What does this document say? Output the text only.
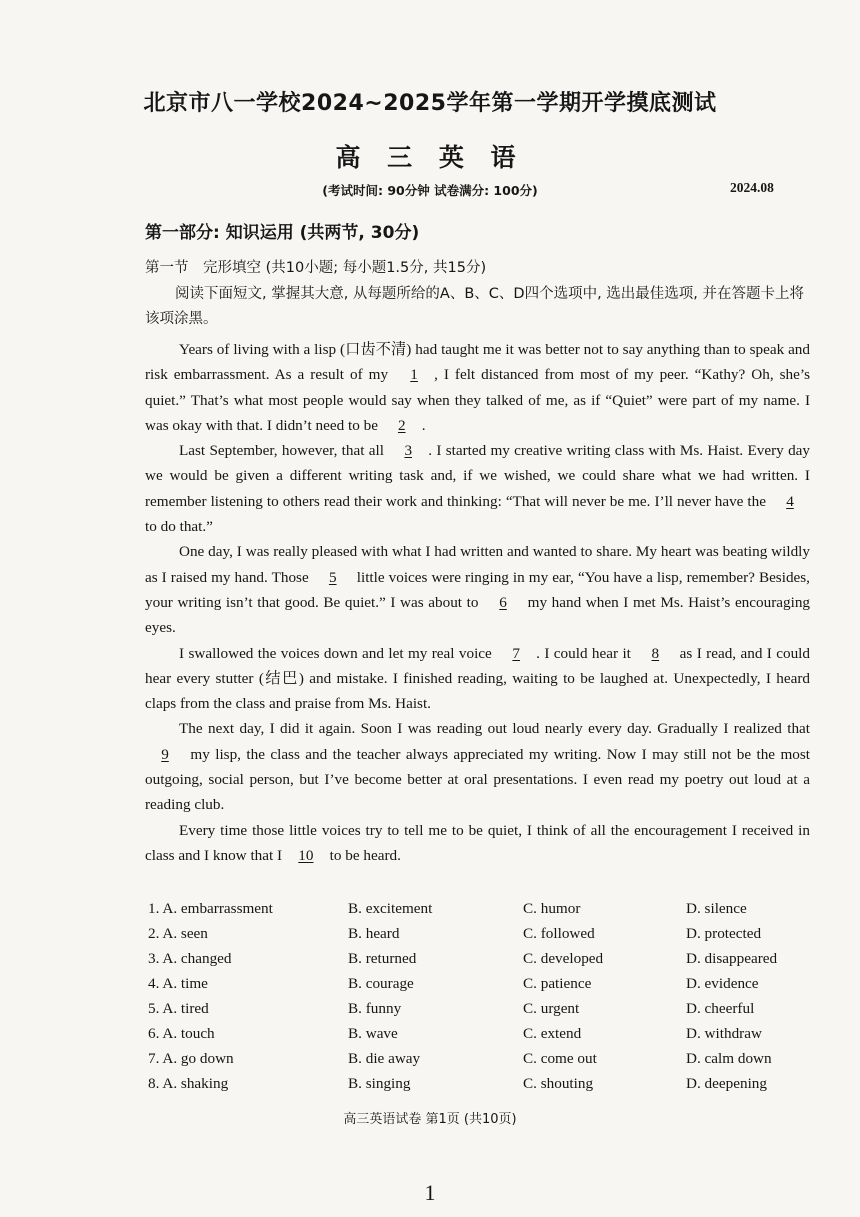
北京市八一学校2024~2025学年第一学期开学摸底测试
高 三 英 语
(考试时间: 90分钟 试卷满分: 100分)	2024.08
第一部分: 知识运用 (共两节, 30分)
第一节　完形填空 (共10小题; 每小题1.5分, 共15分)
阅读下面短文, 掌握其大意, 从每题所给的A、B、C、D四个选项中, 选出最佳选项, 并在答题卡上将该项涂黑。

Years of living with a lisp (口齿不清) had taught me it was better not to say anything than to speak and risk embarrassment. As a result of my 1 , I felt distanced from most of my peer. “Kathy? Oh, she’s quiet.” That’s what most people would say when they talked of me, as if “Quiet” were part of my name. I was okay with that. I didn’t need to be 2 .

Last September, however, that all 3 . I started my creative writing class with Ms. Haist. Every day we would be given a different writing task and, if we wished, we could share what we had written. I remember listening to others read their work and thinking: “That will never be me. I’ll never have the 4 to do that.”

One day, I was really pleased with what I had written and wanted to share. My heart was beating wildly as I raised my hand. Those 5 little voices were ringing in my ear, “You have a lisp, remember? Besides, your writing isn’t that good. Be quiet.” I was about to 6 my hand when I met Ms. Haist’s encouraging eyes.

I swallowed the voices down and let my real voice 7 . I could hear it 8 as I read, and I could hear every stutter (结巴) and mistake. I finished reading, waiting to be laughed at. Unexpectedly, I heard claps from the class and praise from Ms. Haist.

The next day, I did it again. Soon I was reading out loud nearly every day. Gradually I realized that 9 my lisp, the class and the teacher always appreciated my writing. Now I may still not be the most outgoing, social person, but I’ve become better at oral presentations. I even read my poetry out loud at a reading club.

Every time those little voices try to tell me to be quiet, I think of all the encouragement I received in class and I know that I 10 to be heard.

1. A. embarrassment	B. excitement	C. humor	D. silence
2. A. seen	B. heard	C. followed	D. protected
3. A. changed	B. returned	C. developed	D. disappeared
4. A. time	B. courage	C. patience	D. evidence
5. A. tired	B. funny	C. urgent	D. cheerful
6. A. touch	B. wave	C. extend	D. withdraw
7. A. go down	B. die away	C. come out	D. calm down
8. A. shaking	B. singing	C. shouting	D. deepening
高三英语试卷 第1页 (共10页)
1
